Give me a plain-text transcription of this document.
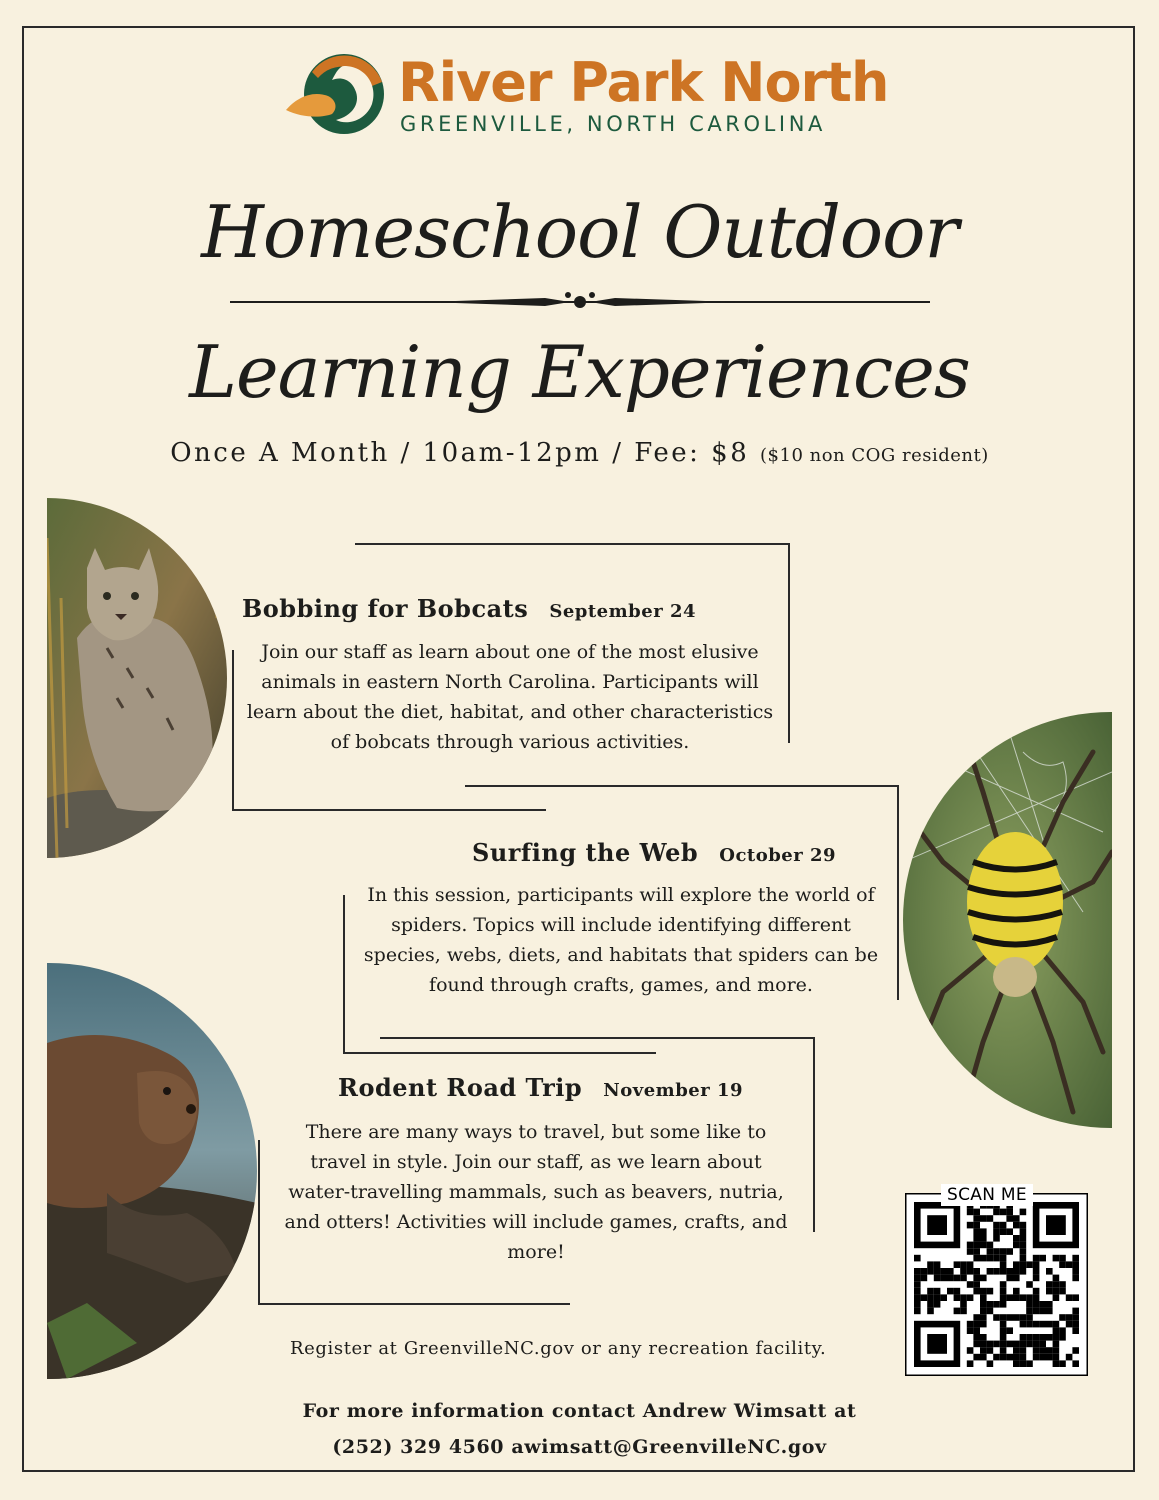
River Park North
GREENVILLE, NORTH CAROLINA
Homeschool Outdoor
Learning Experiences
Once A Month / 10am-12pm / Fee: $8 ($10 non COG resident)
Bobbing for Bobcats September 24
Join our staff as learn about one of the most elusive
animals in eastern North Carolina. Participants will
learn about the diet, habitat, and other characteristics
of bobcats through various activities.
Surfing the Web October 29
In this session, participants will explore the world of
spiders. Topics will include identifying different
species, webs, diets, and habitats that spiders can be
found through crafts, games, and more.
Rodent Road Trip November 19
There are many ways to travel, but some like to
travel in style. Join our staff, as we learn about
water-travelling mammals, such as beavers, nutria,
and otters! Activities will include games, crafts, and
more!
Register at GreenvilleNC.gov or any recreation facility.
For more information contact Andrew Wimsatt at
(252) 329 4560 awimsatt@GreenvilleNC.gov
SCAN ME
